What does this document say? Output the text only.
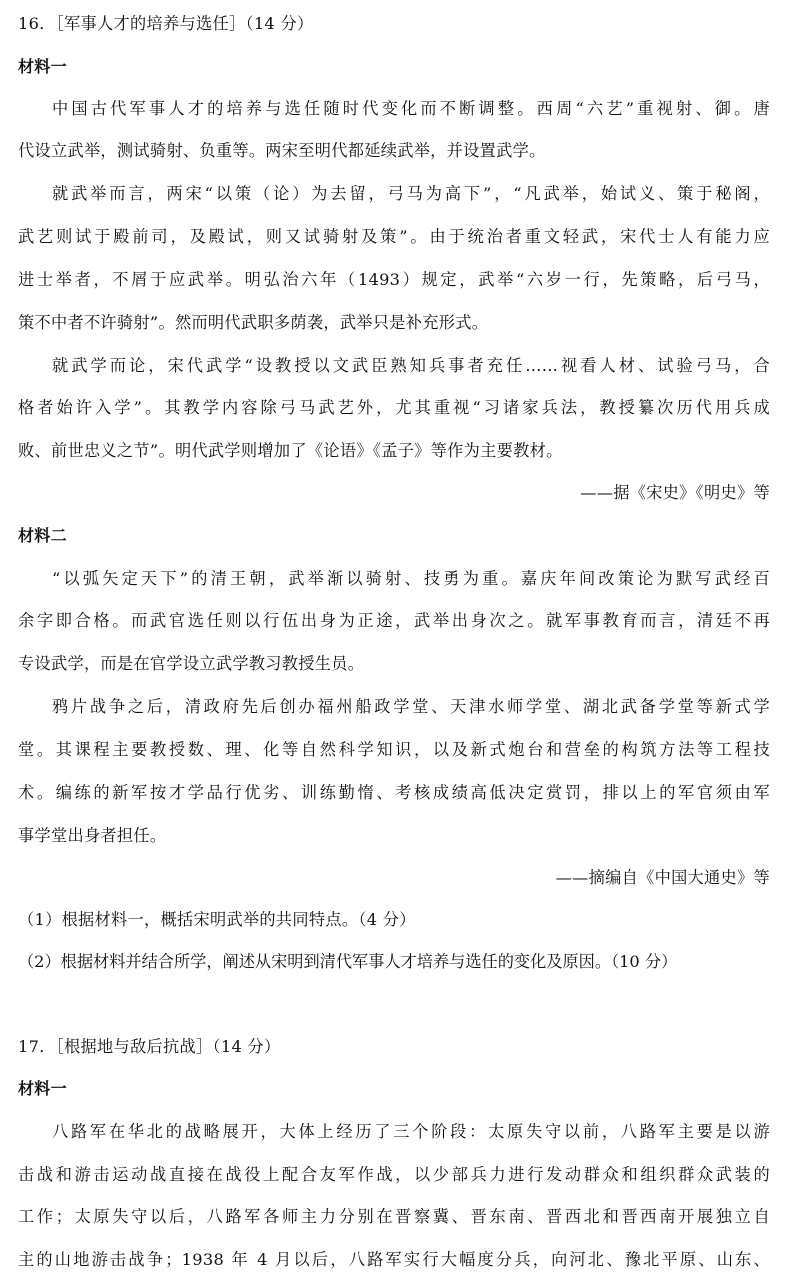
16．［军事人才的培养与选任］（14 分）
材料一
中国古代军事人才的培养与选任随时代变化而不断调整。西周“六艺”重视射、御。唐
代设立武举，测试骑射、负重等。两宋至明代都延续武举，并设置武学。
就武举而言，两宋“以策（论）为去留，弓马为高下”，“凡武举，始试义、策于秘阁，
武艺则试于殿前司，及殿试，则又试骑射及策”。由于统治者重文轻武，宋代士人有能力应
进士举者，不屑于应武举。明弘治六年（1493）规定，武举“六岁一行，先策略，后弓马，
策不中者不许骑射”。然而明代武职多荫袭，武举只是补充形式。
就武学而论，宋代武学“设教授以文武臣熟知兵事者充任……视看人材、试验弓马，合
格者始许入学”。其教学内容除弓马武艺外，尤其重视“习诸家兵法，教授纂次历代用兵成
败、前世忠义之节”。明代武学则增加了《论语》《孟子》等作为主要教材。
——据《宋史》《明史》等
材料二
“以弧矢定天下”的清王朝，武举渐以骑射、技勇为重。嘉庆年间改策论为默写武经百
余字即合格。而武官选任则以行伍出身为正途，武举出身次之。就军事教育而言，清廷不再
专设武学，而是在官学设立武学教习教授生员。
鸦片战争之后，清政府先后创办福州船政学堂、天津水师学堂、湖北武备学堂等新式学
堂。其课程主要教授数、理、化等自然科学知识，以及新式炮台和营垒的构筑方法等工程技
术。编练的新军按才学品行优劣、训练勤惰、考核成绩高低决定赏罚，排以上的军官须由军
事学堂出身者担任。
——摘编自《中国大通史》等
（1）根据材料一，概括宋明武举的共同特点。（4 分）
（2）根据材料并结合所学，阐述从宋明到清代军事人才培养与选任的变化及原因。（10 分）
17．［根据地与敌后抗战］（14 分）
材料一
八路军在华北的战略展开，大体上经历了三个阶段：太原失守以前，八路军主要是以游
击战和游击运动战直接在战役上配合友军作战，以少部兵力进行发动群众和组织群众武装的
工作；太原失守以后，八路军各师主力分别在晋察冀、晋东南、晋西北和晋西南开展独立自
主的山地游击战争；1938 年 4 月以后，八路军实行大幅度分兵，向河北、豫北平原、山东、
